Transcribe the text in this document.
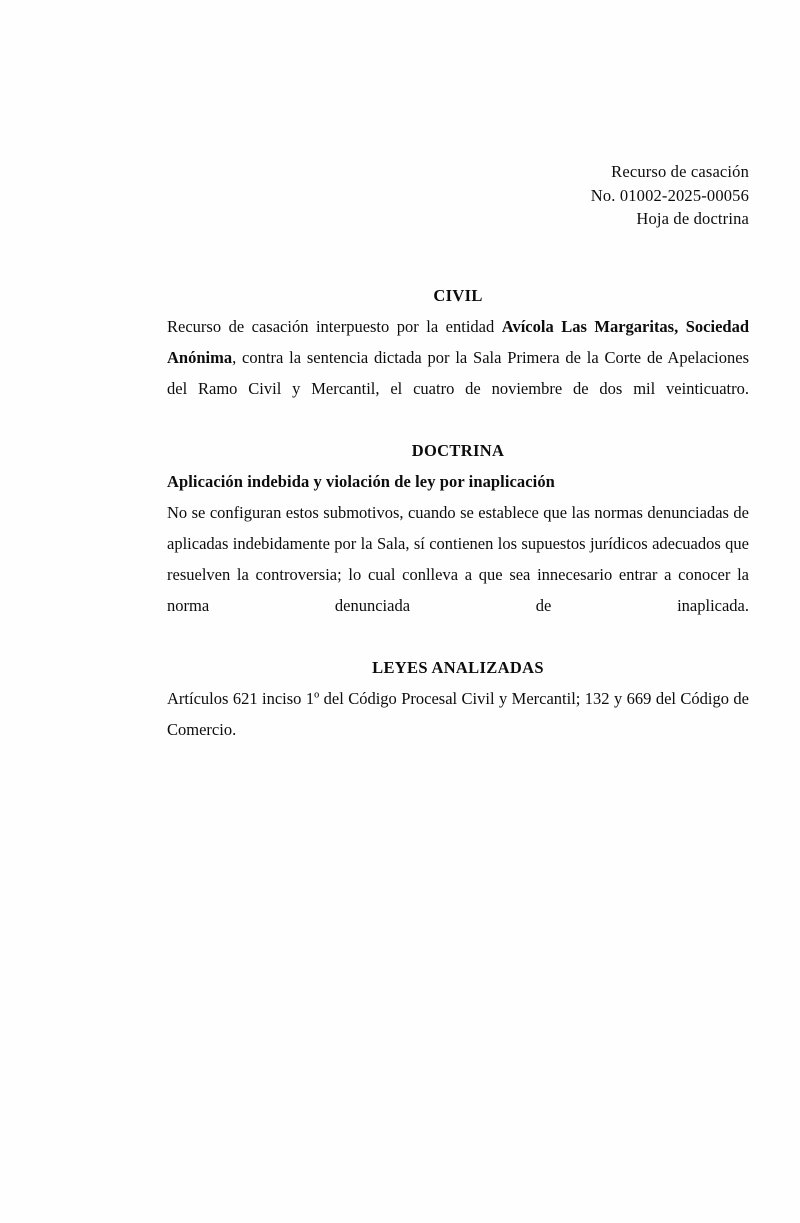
Recurso de casación
No. 01002-2025-00056
Hoja de doctrina

CIVIL

Recurso de casación interpuesto por la entidad Avícola Las Margaritas, Sociedad Anónima, contra la sentencia dictada por la Sala Primera de la Corte de Apelaciones del Ramo Civil y Mercantil, el cuatro de noviembre de dos mil veinticuatro.

DOCTRINA

Aplicación indebida y violación de ley por inaplicación

No se configuran estos submotivos, cuando se establece que las normas denunciadas de aplicadas indebidamente por la Sala, sí contienen los supuestos jurídicos adecuados que resuelven la controversia; lo cual conlleva a que sea innecesario entrar a conocer la norma denunciada de inaplicada.

LEYES ANALIZADAS

Artículos 621 inciso 1º del Código Procesal Civil y Mercantil; 132 y 669 del Código de Comercio.
